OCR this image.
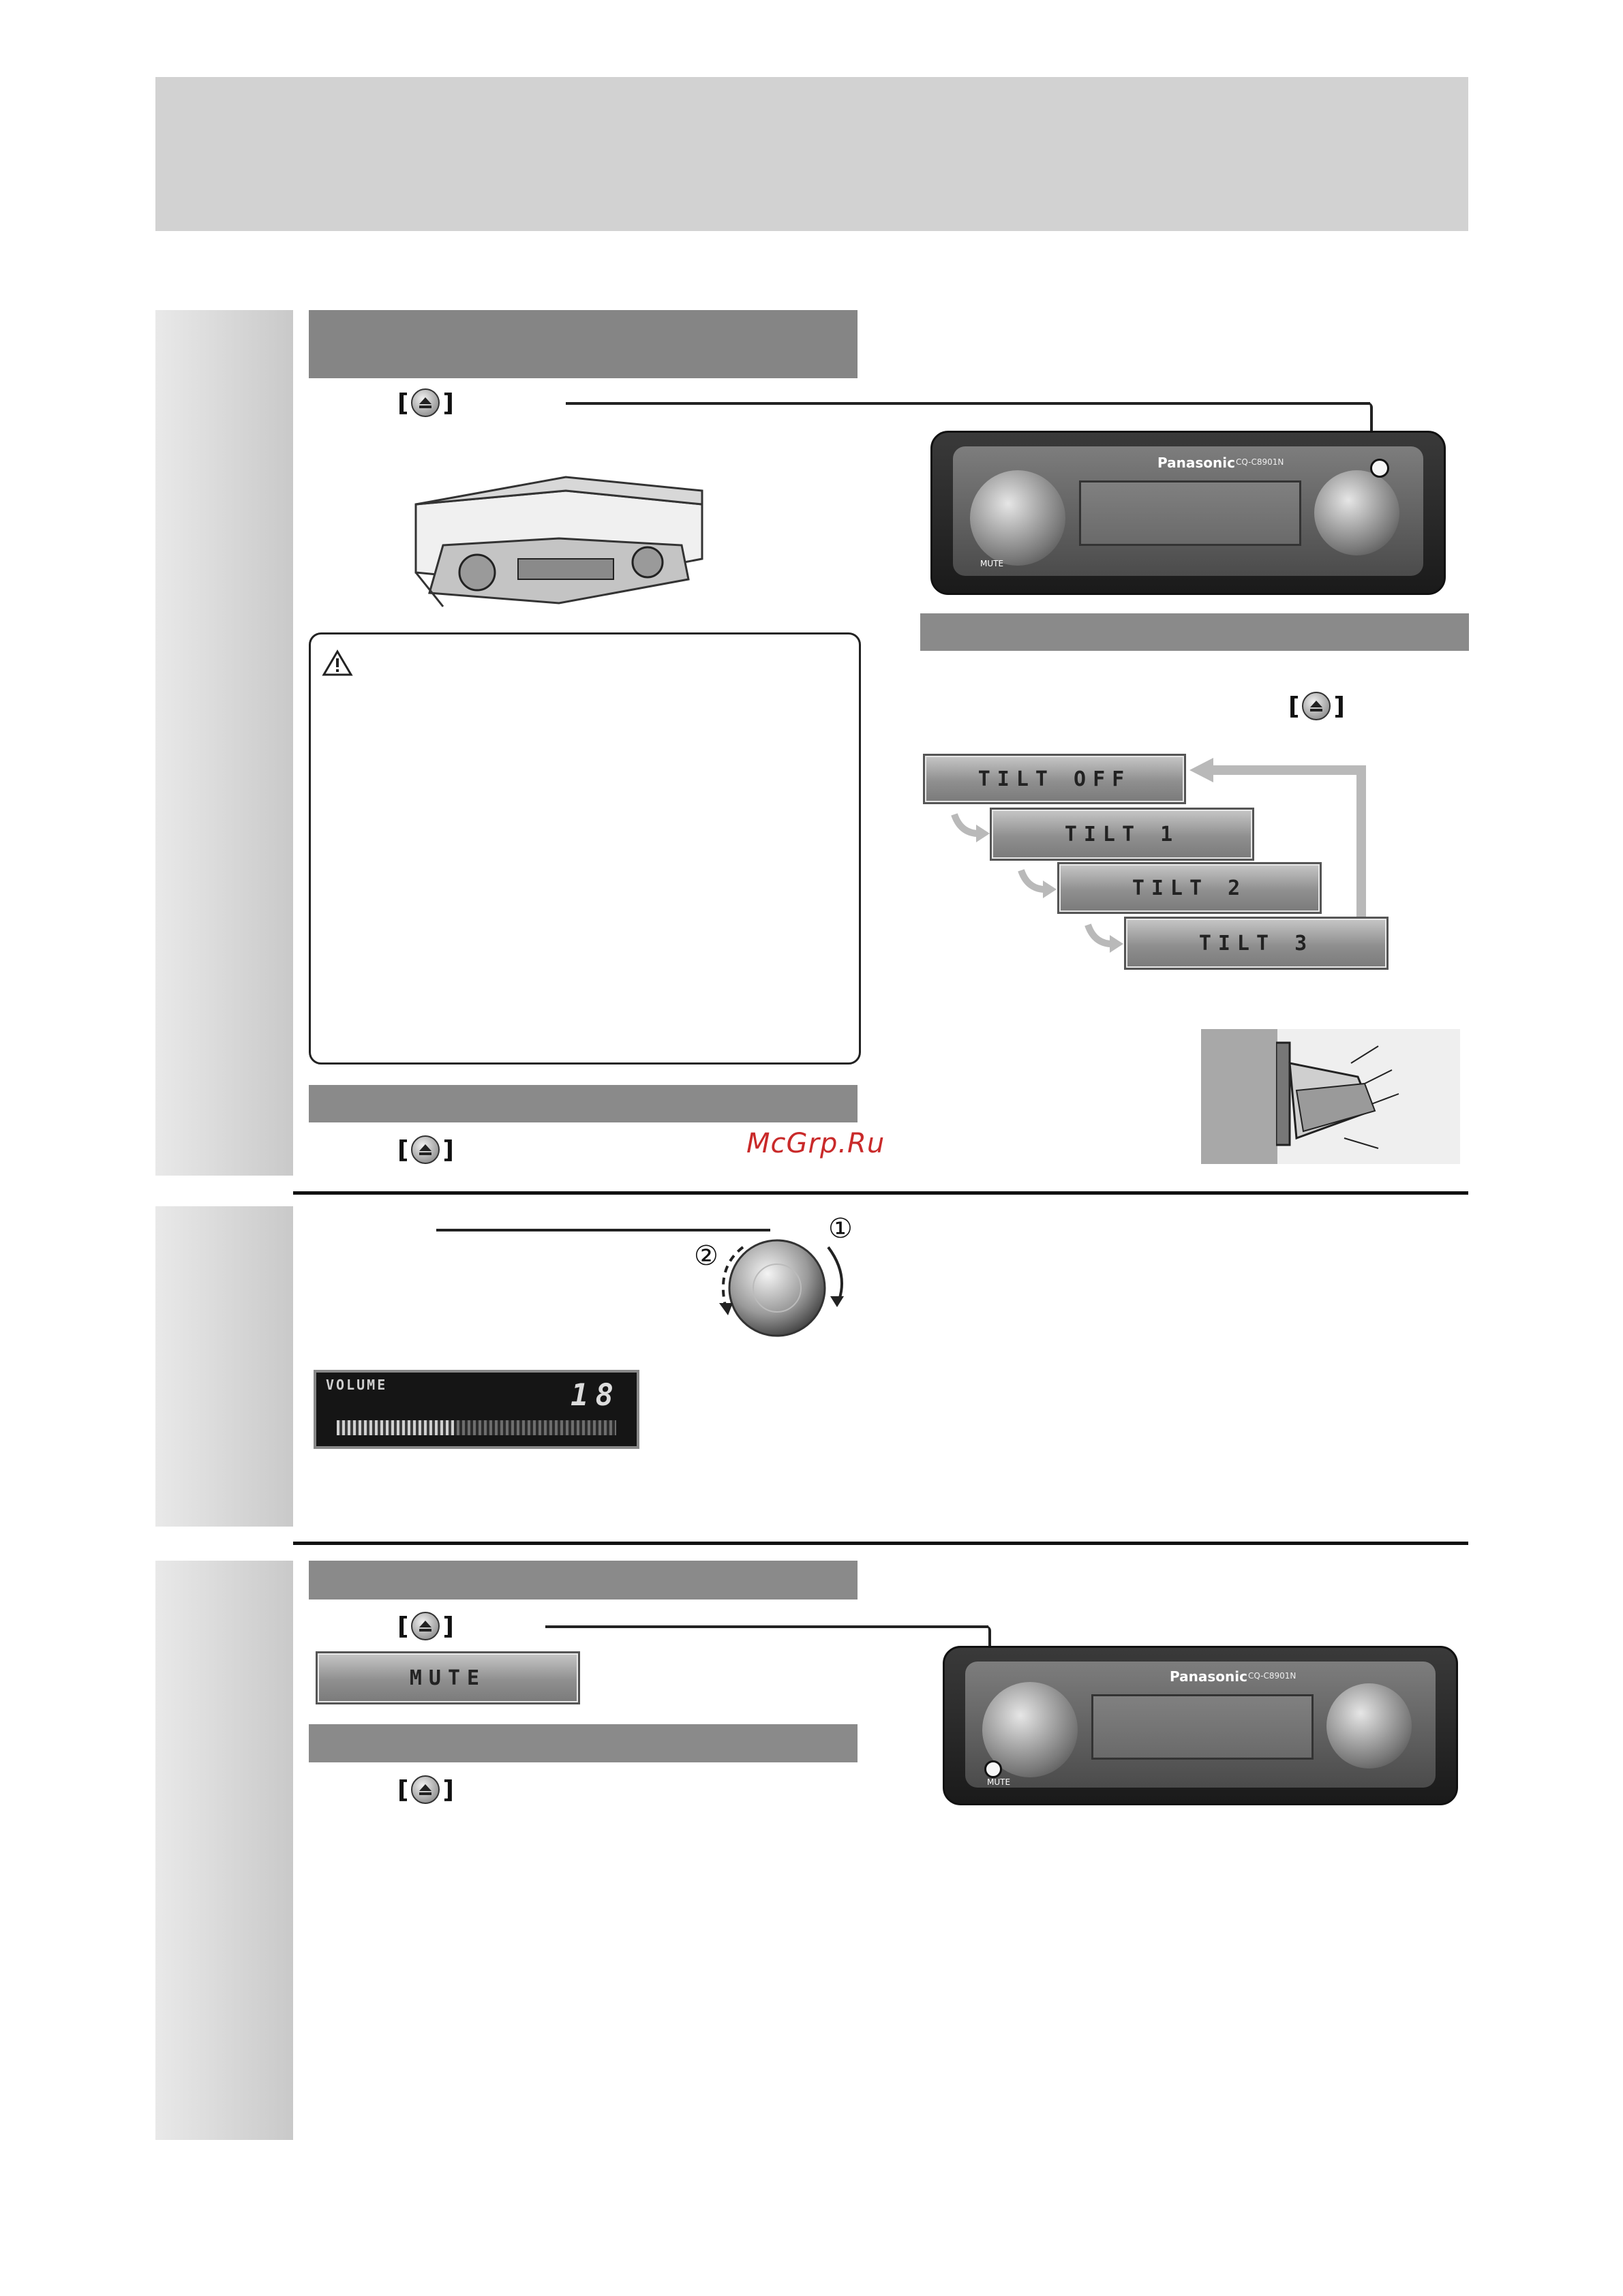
[ ]
[ ]	McGrp.Ru
Panasonic CQ-C8901N
MUTE
[ ]
TILT OFF
TILT 1
TILT 2
TILT 3
①
②
VOLUME	18
[ ]
MUTE
[ ]
Panasonic CQ-C8901N
MUTE
